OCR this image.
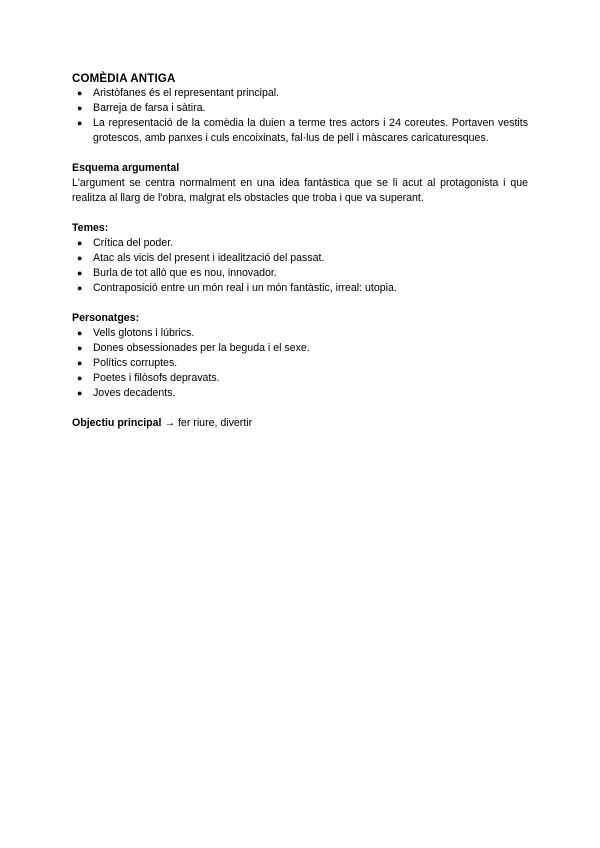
COMÈDIA ANTIGA
● Aristòfanes és el representant principal.
● Barreja de farsa i sàtira.
● La representació de la comèdia la duien a terme tres actors i 24 coreutes. Portaven vestits grotescos, amb panxes i culs encoixinats, fal·lus de pell i màscares caricaturesques.

Esquema argumental

L'argument se centra normalment en una idea fantàstica que se li acut al protagonista i que realitza al llarg de l'obra, malgrat els obstacles que troba i que va superant.

Temes:

● Crítica del poder.
● Atac als vicis del present i idealització del passat.
● Burla de tot allò que es nou, innovador.
● Contraposició entre un món real i un món fantàstic, irreal: utopia.

Personatges:

● Vells glotons i lúbrics.
● Dones obsessionades per la beguda i el sexe.
● Polítics corruptes.
● Poetes i filòsofs depravats.
● Joves decadents.

Objectiu principal → fer riure, divertir
